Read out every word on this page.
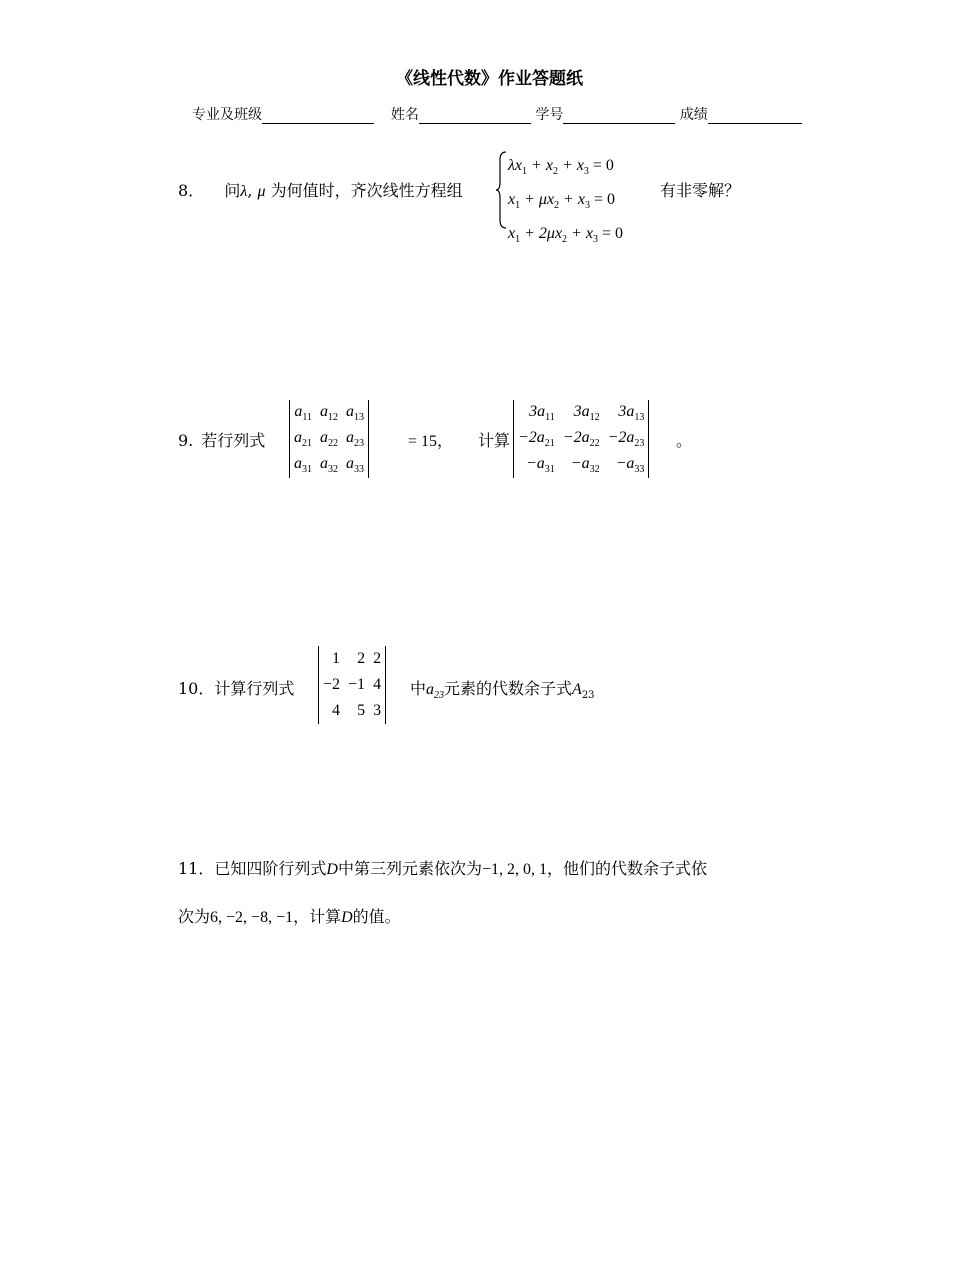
《线性代数》作业答题纸
专业及班级	姓名	学号	成绩
8． 问λ, μ 为何值时，齐次线性方程组
$\lambda x_1 + x_2 + x_3 = 0$
$x_1 + \mu x_2 + x_3 = 0$
$x_1 + 2\mu x_2 + x_3 = 0$
有非零解？
9. 若行列式
$a_{11}$	$a_{12}$	$a_{13}$
$a_{21}$	$a_{22}$	$a_{23}$
$a_{31}$	$a_{32}$	$a_{33}$
= 15， 计算
$3a_{11}$	$3a_{12}$	$3a_{13}$
$-2a_{21}$	$-2a_{22}$	$-2a_{23}$
$-a_{31}$	$-a_{32}$	$-a_{33}$
。
10．计算行列式
1	2	2
−2	−1	4
4	5	3
中$a_{23}$元素的代数余子式$A_{23}$
11．已知四阶行列式D中第三列元素依次为−1, 2, 0, 1，他们的代数余子式依
次为6, −2, −8, −1，计算D的值。
